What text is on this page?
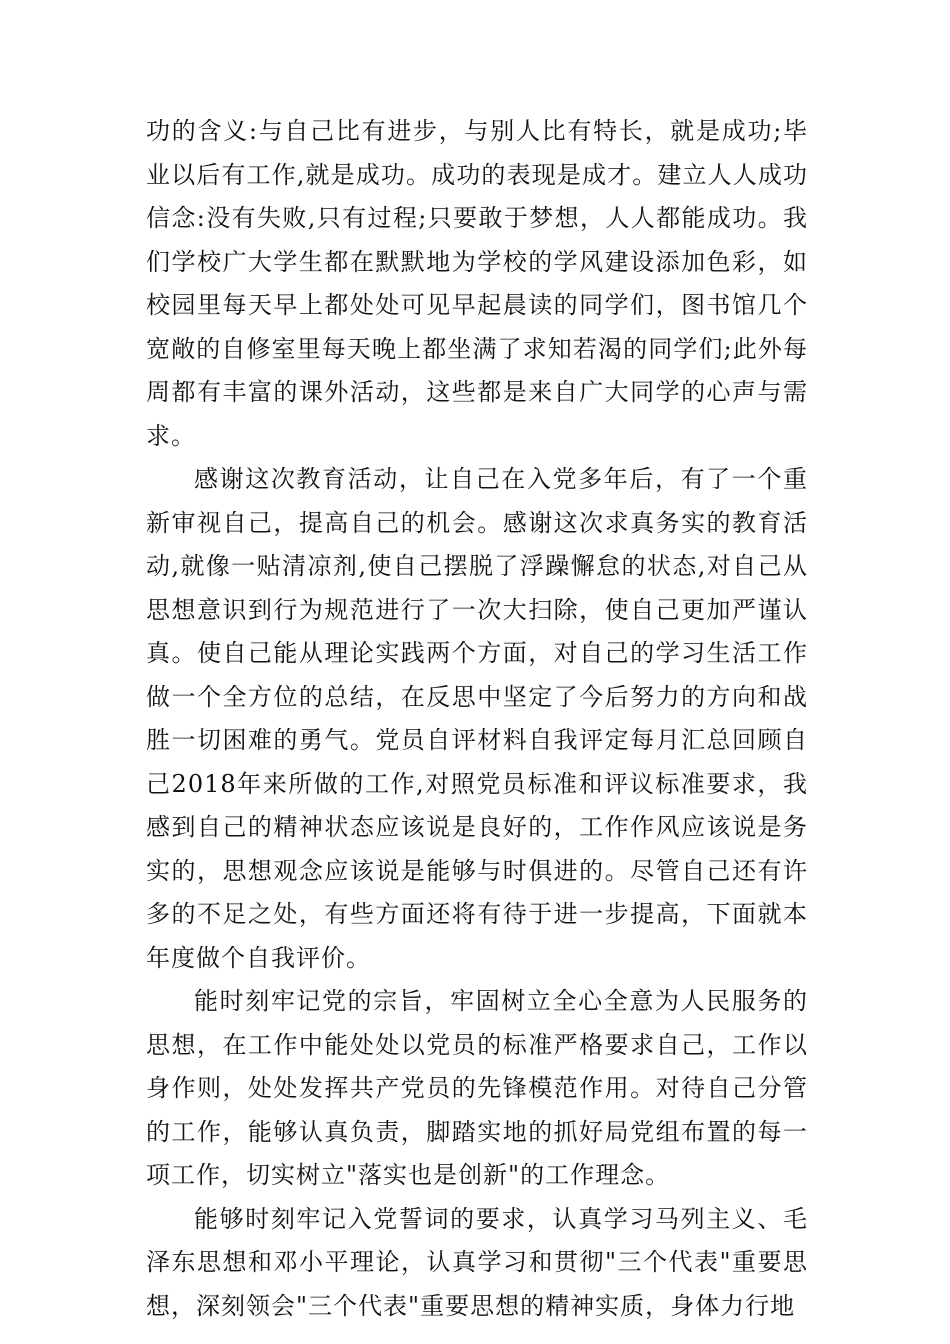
功的含义:与自己比有进步，与别人比有特长，就是成功;毕业以后有工作,就是成功。成功的表现是成才。建立人人成功信念:没有失败,只有过程;只要敢于梦想，人人都能成功。我们学校广大学生都在默默地为学校的学风建设添加色彩，如校园里每天早上都处处可见早起晨读的同学们，图书馆几个宽敞的自修室里每天晚上都坐满了求知若渴的同学们;此外每周都有丰富的课外活动，这些都是来自广大同学的心声与需求。

感谢这次教育活动，让自己在入党多年后，有了一个重新审视自己，提高自己的机会。感谢这次求真务实的教育活动,就像一贴清凉剂,使自己摆脱了浮躁懈怠的状态,对自己从思想意识到行为规范进行了一次大扫除，使自己更加严谨认真。使自己能从理论实践两个方面，对自己的学习生活工作做一个全方位的总结，在反思中坚定了今后努力的方向和战胜一切困难的勇气。党员自评材料自我评定每月汇总回顾自己2018年来所做的工作,对照党员标准和评议标准要求，我感到自己的精神状态应该说是良好的，工作作风应该说是务实的，思想观念应该说是能够与时俱进的。尽管自己还有许多的不足之处，有些方面还将有待于进一步提高，下面就本年度做个自我评价。

能时刻牢记党的宗旨，牢固树立全心全意为人民服务的思想，在工作中能处处以党员的标准严格要求自己，工作以身作则，处处发挥共产党员的先锋模范作用。对待自己分管的工作，能够认真负责，脚踏实地的抓好局党组布置的每一项工作，切实树立"落实也是创新"的工作理念。

能够时刻牢记入党誓词的要求，认真学习马列主义、毛泽东思想和邓小平理论，认真学习和贯彻"三个代表"重要思想，深刻领会"三个代表"重要思想的精神实质，身体力行地
